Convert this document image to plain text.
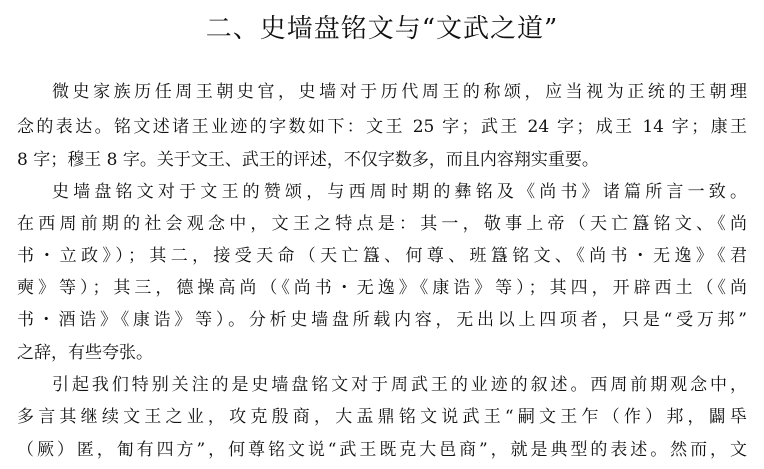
二、史墙盘铭文与“文武之道”
微史家族历任周王朝史官，史墙对于历代周王的称颂，应当视为正统的王朝理
念的表达。铭文述诸王业迹的字数如下：文王 25 字；武王 24 字；成王 14 字；康王
8 字；穆王 8 字。关于文王、武王的评述，不仅字数多，而且内容翔实重要。
史墙盘铭文对于文王的赞颂，与西周时期的彝铭及《尚书》诸篇所言一致。
在西周前期的社会观念中，文王之特点是：其一，敬事上帝（天亡簋铭文、《尚
书・立政》）；其二，接受天命（天亡簋、何尊、班簋铭文、《尚书・无逸》《君
奭》等）；其三，德操高尚（《尚书・无逸》《康诰》等）；其四，开辟西土（《尚
书・酒诰》《康诰》等）。分析史墙盘所载内容，无出以上四项者，只是“受万邦”
之辞，有些夸张。
引起我们特别关注的是史墙盘铭文对于周武王的业迹的叙述。西周前期观念中，
多言其继续文王之业，攻克殷商，大盂鼎铭文说武王“嗣文王乍（作）邦，闢氒
（厥）匿，匍有四方”，何尊铭文说“武王既克大邑商”，就是典型的表述。然而，文
